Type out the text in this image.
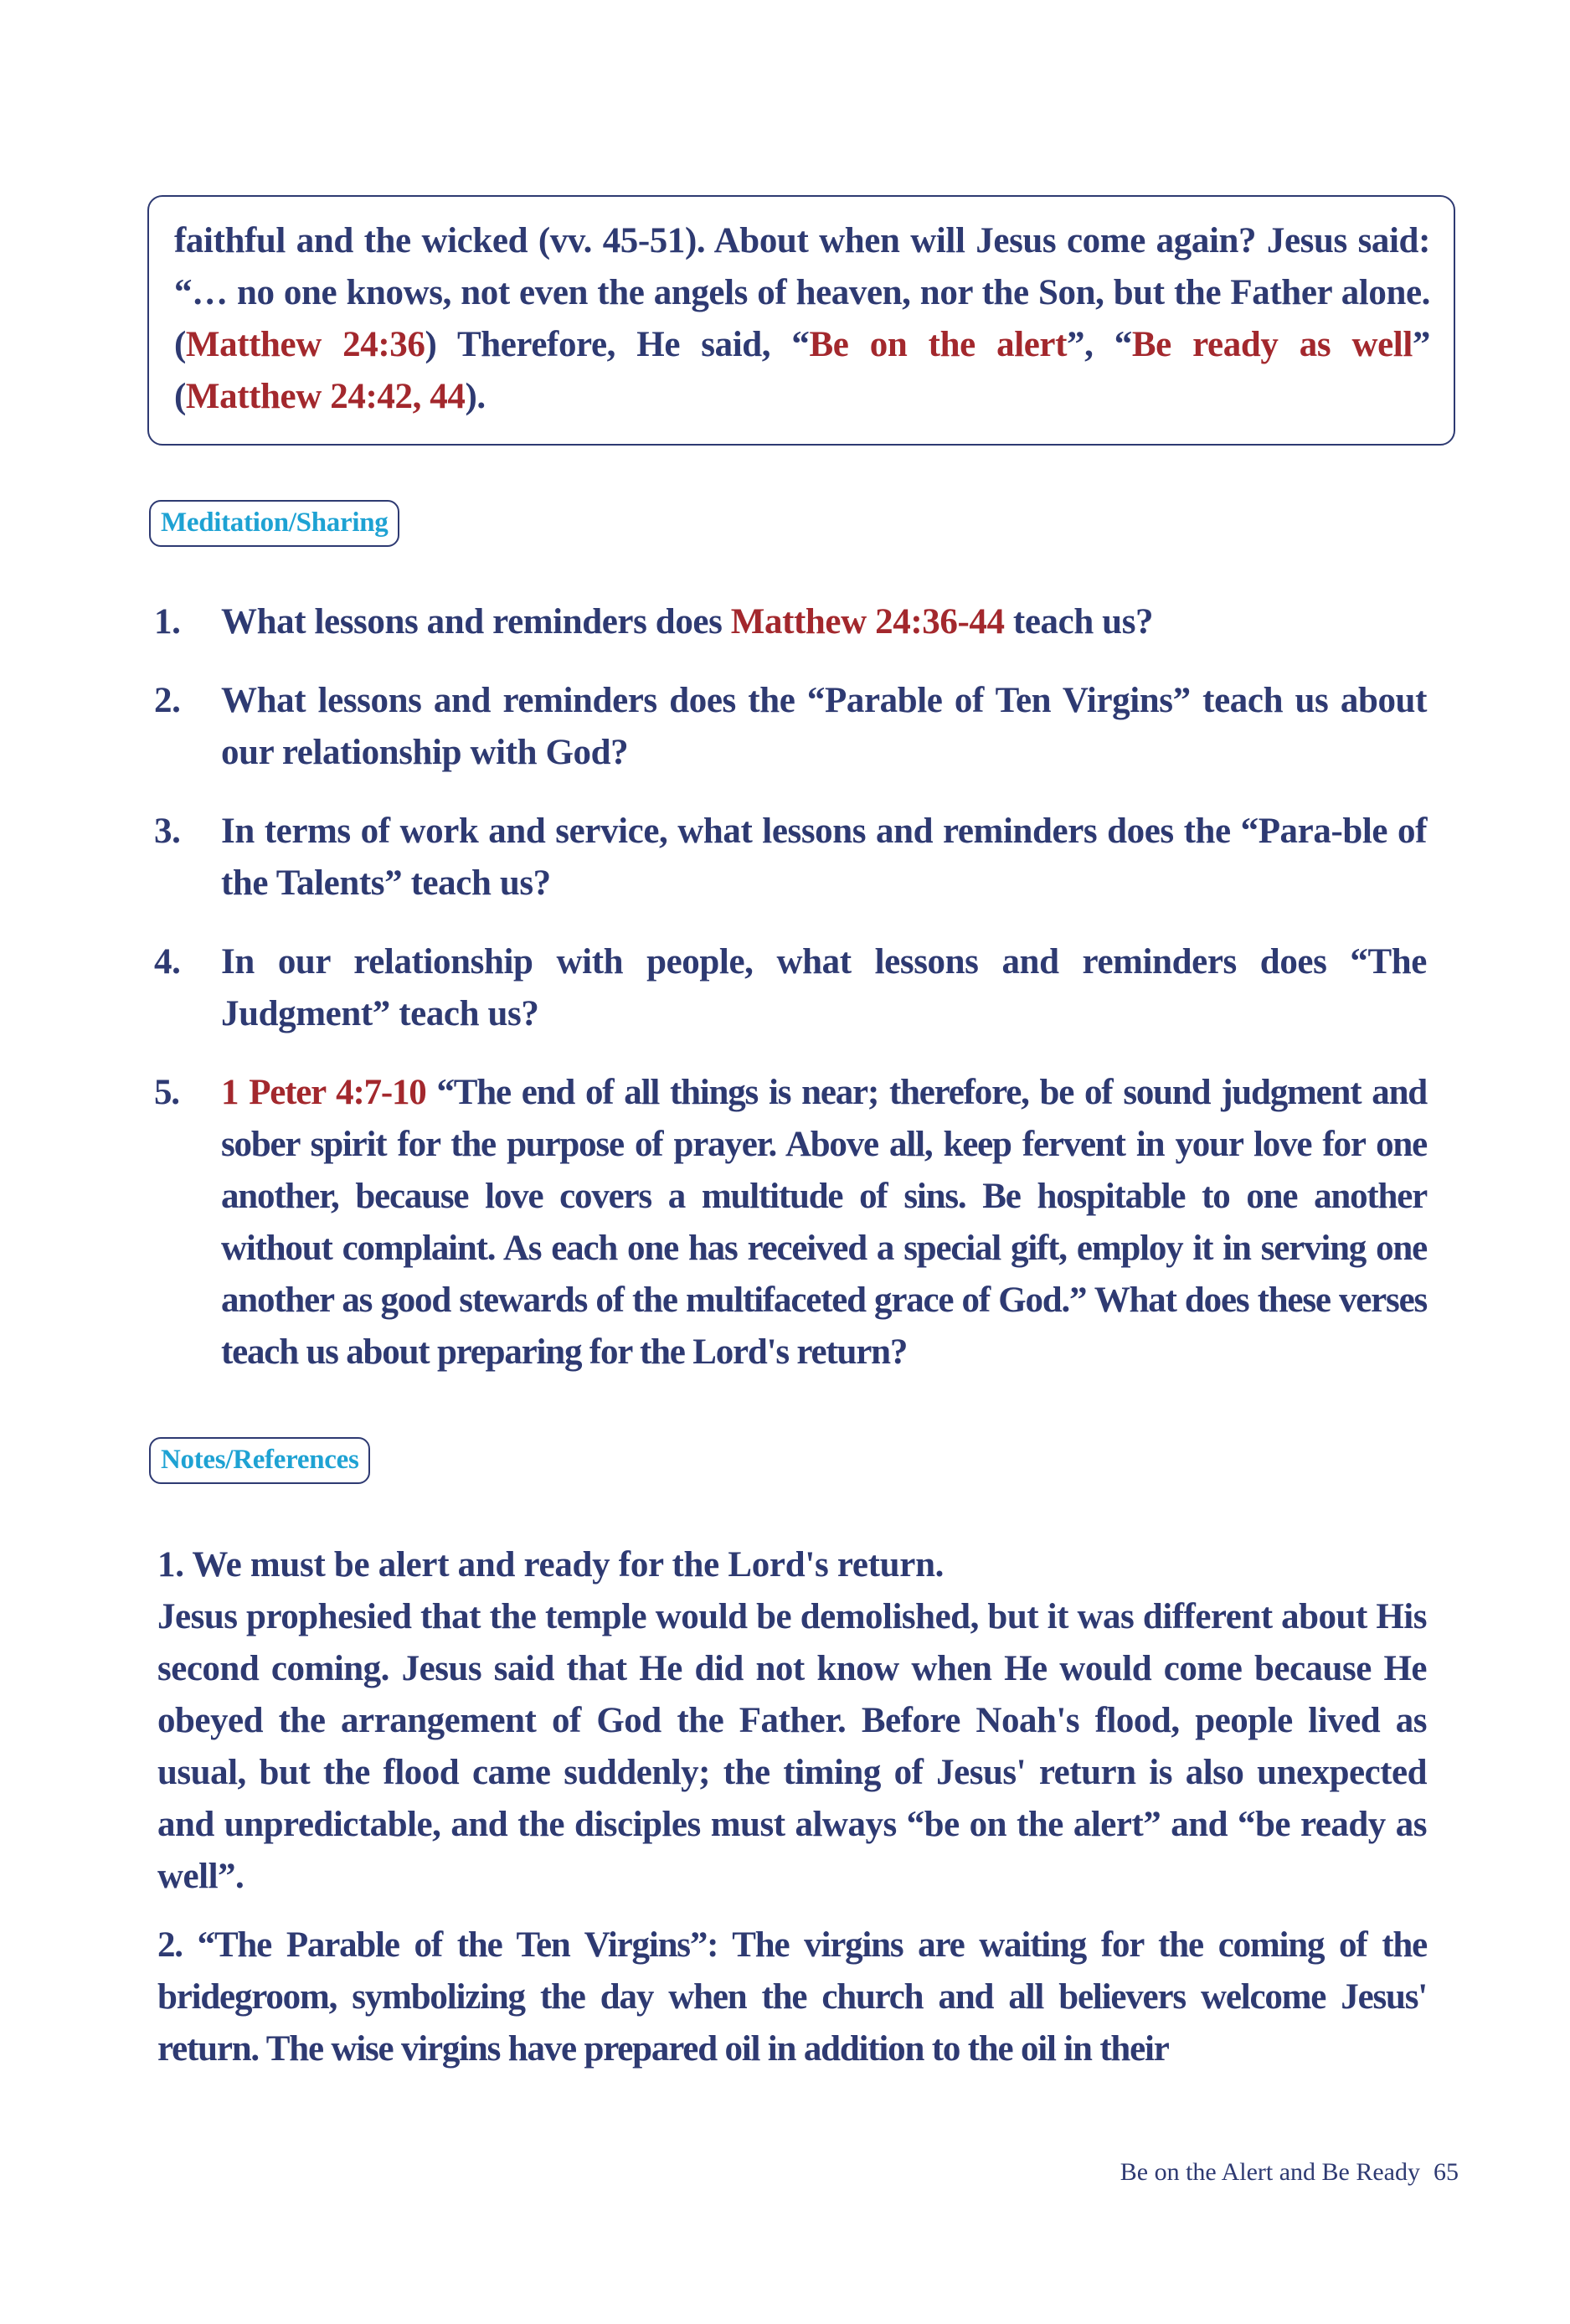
faithful and the wicked (vv. 45-51). About when will Jesus come again? Jesus said: “… no one knows, not even the angels of heaven, nor the Son, but the Father alone. (Matthew 24:36) Therefore, He said, “Be on the alert”, “Be ready as well” (Matthew 24:42, 44).

Meditation/Sharing
1. What lessons and reminders does Matthew 24:36-44 teach us?
2. What lessons and reminders does the “Parable of Ten Virgins” teach us about our relationship with God?
3. In terms of work and service, what lessons and reminders does the “Para-ble of the Talents” teach us?
4. In our relationship with people, what lessons and reminders does “The Judgment” teach us?
5. 1 Peter 4:7-10 “The end of all things is near; therefore, be of sound judgment and sober spirit for the purpose of prayer. Above all, keep fervent in your love for one another, because love covers a multitude of sins. Be hospitable to one another without complaint. As each one has received a special gift, employ it in serving one another as good stewards of the multifaceted grace of God.” What does these verses teach us about preparing for the Lord's return?
Notes/References

1. We must be alert and ready for the Lord's return.

Jesus prophesied that the temple would be demolished, but it was different about His second coming. Jesus said that He did not know when He would come because He obeyed the arrangement of God the Father. Before Noah's flood, people lived as usual, but the flood came suddenly; the timing of Jesus' return is also unexpected and unpredictable, and the disciples must always “be on the alert” and “be ready as well”.

2. “The Parable of the Ten Virgins”: The virgins are waiting for the coming of the bridegroom, symbolizing the day when the church and all believers welcome Jesus' return. The wise virgins have prepared oil in addition to the oil in their

Be on the Alert and Be Ready 65
